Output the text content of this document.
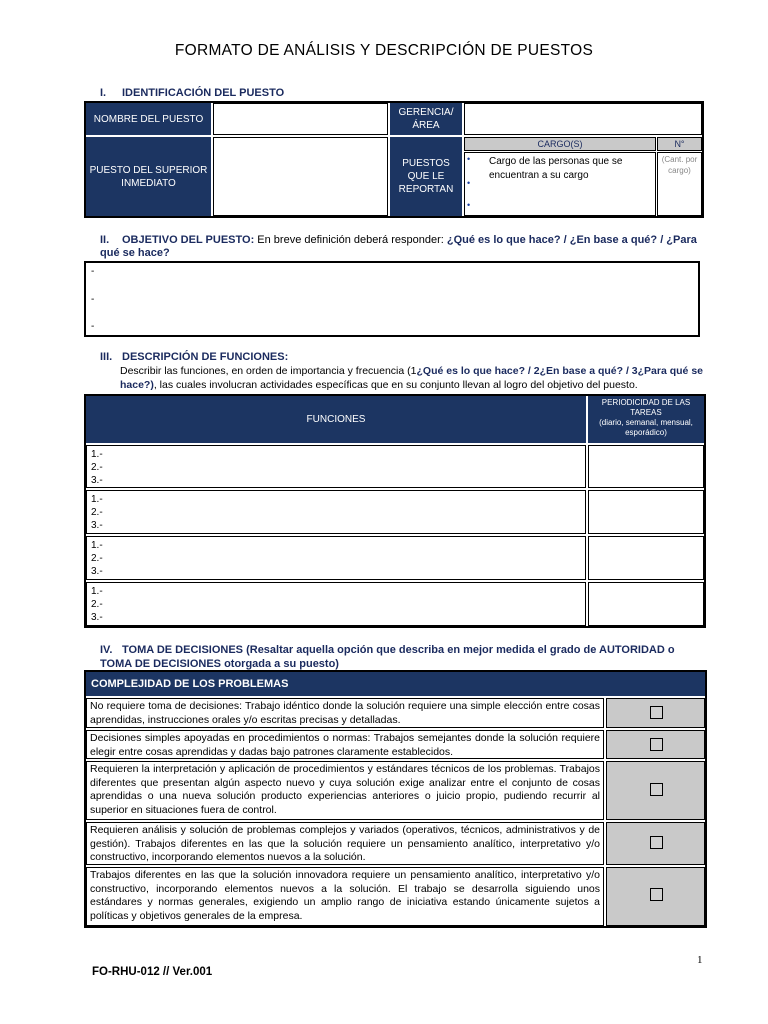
FORMATO DE ANÁLISIS Y DESCRIPCIÓN DE PUESTOS
I. IDENTIFICACIÓN DEL PUESTO
NOMBRE DEL PUESTO
GERENCIA/
ÁREA
PUESTO DEL SUPERIOR INMEDIATO
PUESTOS
QUE LE
REPORTAN
CARGO(S)	N°
•
•
•
Cargo de las personas que se encuentran a su cargo
(Cant. por cargo)
II. OBJETIVO DEL PUESTO: En breve definición deberá responder: ¿Qué es lo que hace? / ¿En base a qué? / ¿Para qué se hace?
-
-
-
III. DESCRIPCIÓN DE FUNCIONES:
Describir las funciones, en orden de importancia y frecuencia (1¿Qué es lo que hace? / 2¿En base a qué? / 3¿Para qué se hace?), las cuales involucran actividades específicas que en su conjunto llevan al logro del objetivo del puesto.
FUNCIONES
PERIODICIDAD DE LAS TAREAS
(diario, semanal, mensual, esporádico)
1.-
2.-
3.-
1.-
2.-
3.-
1.-
2.-
3.-
1.-
2.-
3.-
IV. TOMA DE DECISIONES (Resaltar aquella opción que describa en mejor medida el grado de AUTORIDAD o TOMA DE DECISIONES otorgada a su puesto)
COMPLEJIDAD DE LOS PROBLEMAS
No requiere toma de decisiones: Trabajo idéntico donde la solución requiere una simple elección entre cosas aprendidas, instrucciones orales y/o escritas precisas y detalladas.
Decisiones simples apoyadas en procedimientos o normas: Trabajos semejantes donde la solución requiere elegir entre cosas aprendidas y dadas bajo patrones claramente establecidos.
Requieren la interpretación y aplicación de procedimientos y estándares técnicos de los problemas. Trabajos diferentes que presentan algún aspecto nuevo y cuya solución exige analizar entre el conjunto de cosas aprendidas o una nueva solución producto experiencias anteriores o juicio propio, pudiendo recurrir al superior en situaciones fuera de control.
Requieren análisis y solución de problemas complejos y variados (operativos, técnicos, administrativos y de gestión). Trabajos diferentes en las que la solución requiere un pensamiento analítico, interpretativo y/o constructivo, incorporando elementos nuevos a la solución.
Trabajos diferentes en las que la solución innovadora requiere un pensamiento analítico, interpretativo y/o constructivo, incorporando elementos nuevos a la solución. El trabajo se desarrolla siguiendo unos estándares y normas generales, exigiendo un amplio rango de iniciativa estando únicamente sujetos a políticas y objetivos generales de la empresa.
1
FO-RHU-012 // Ver.001
